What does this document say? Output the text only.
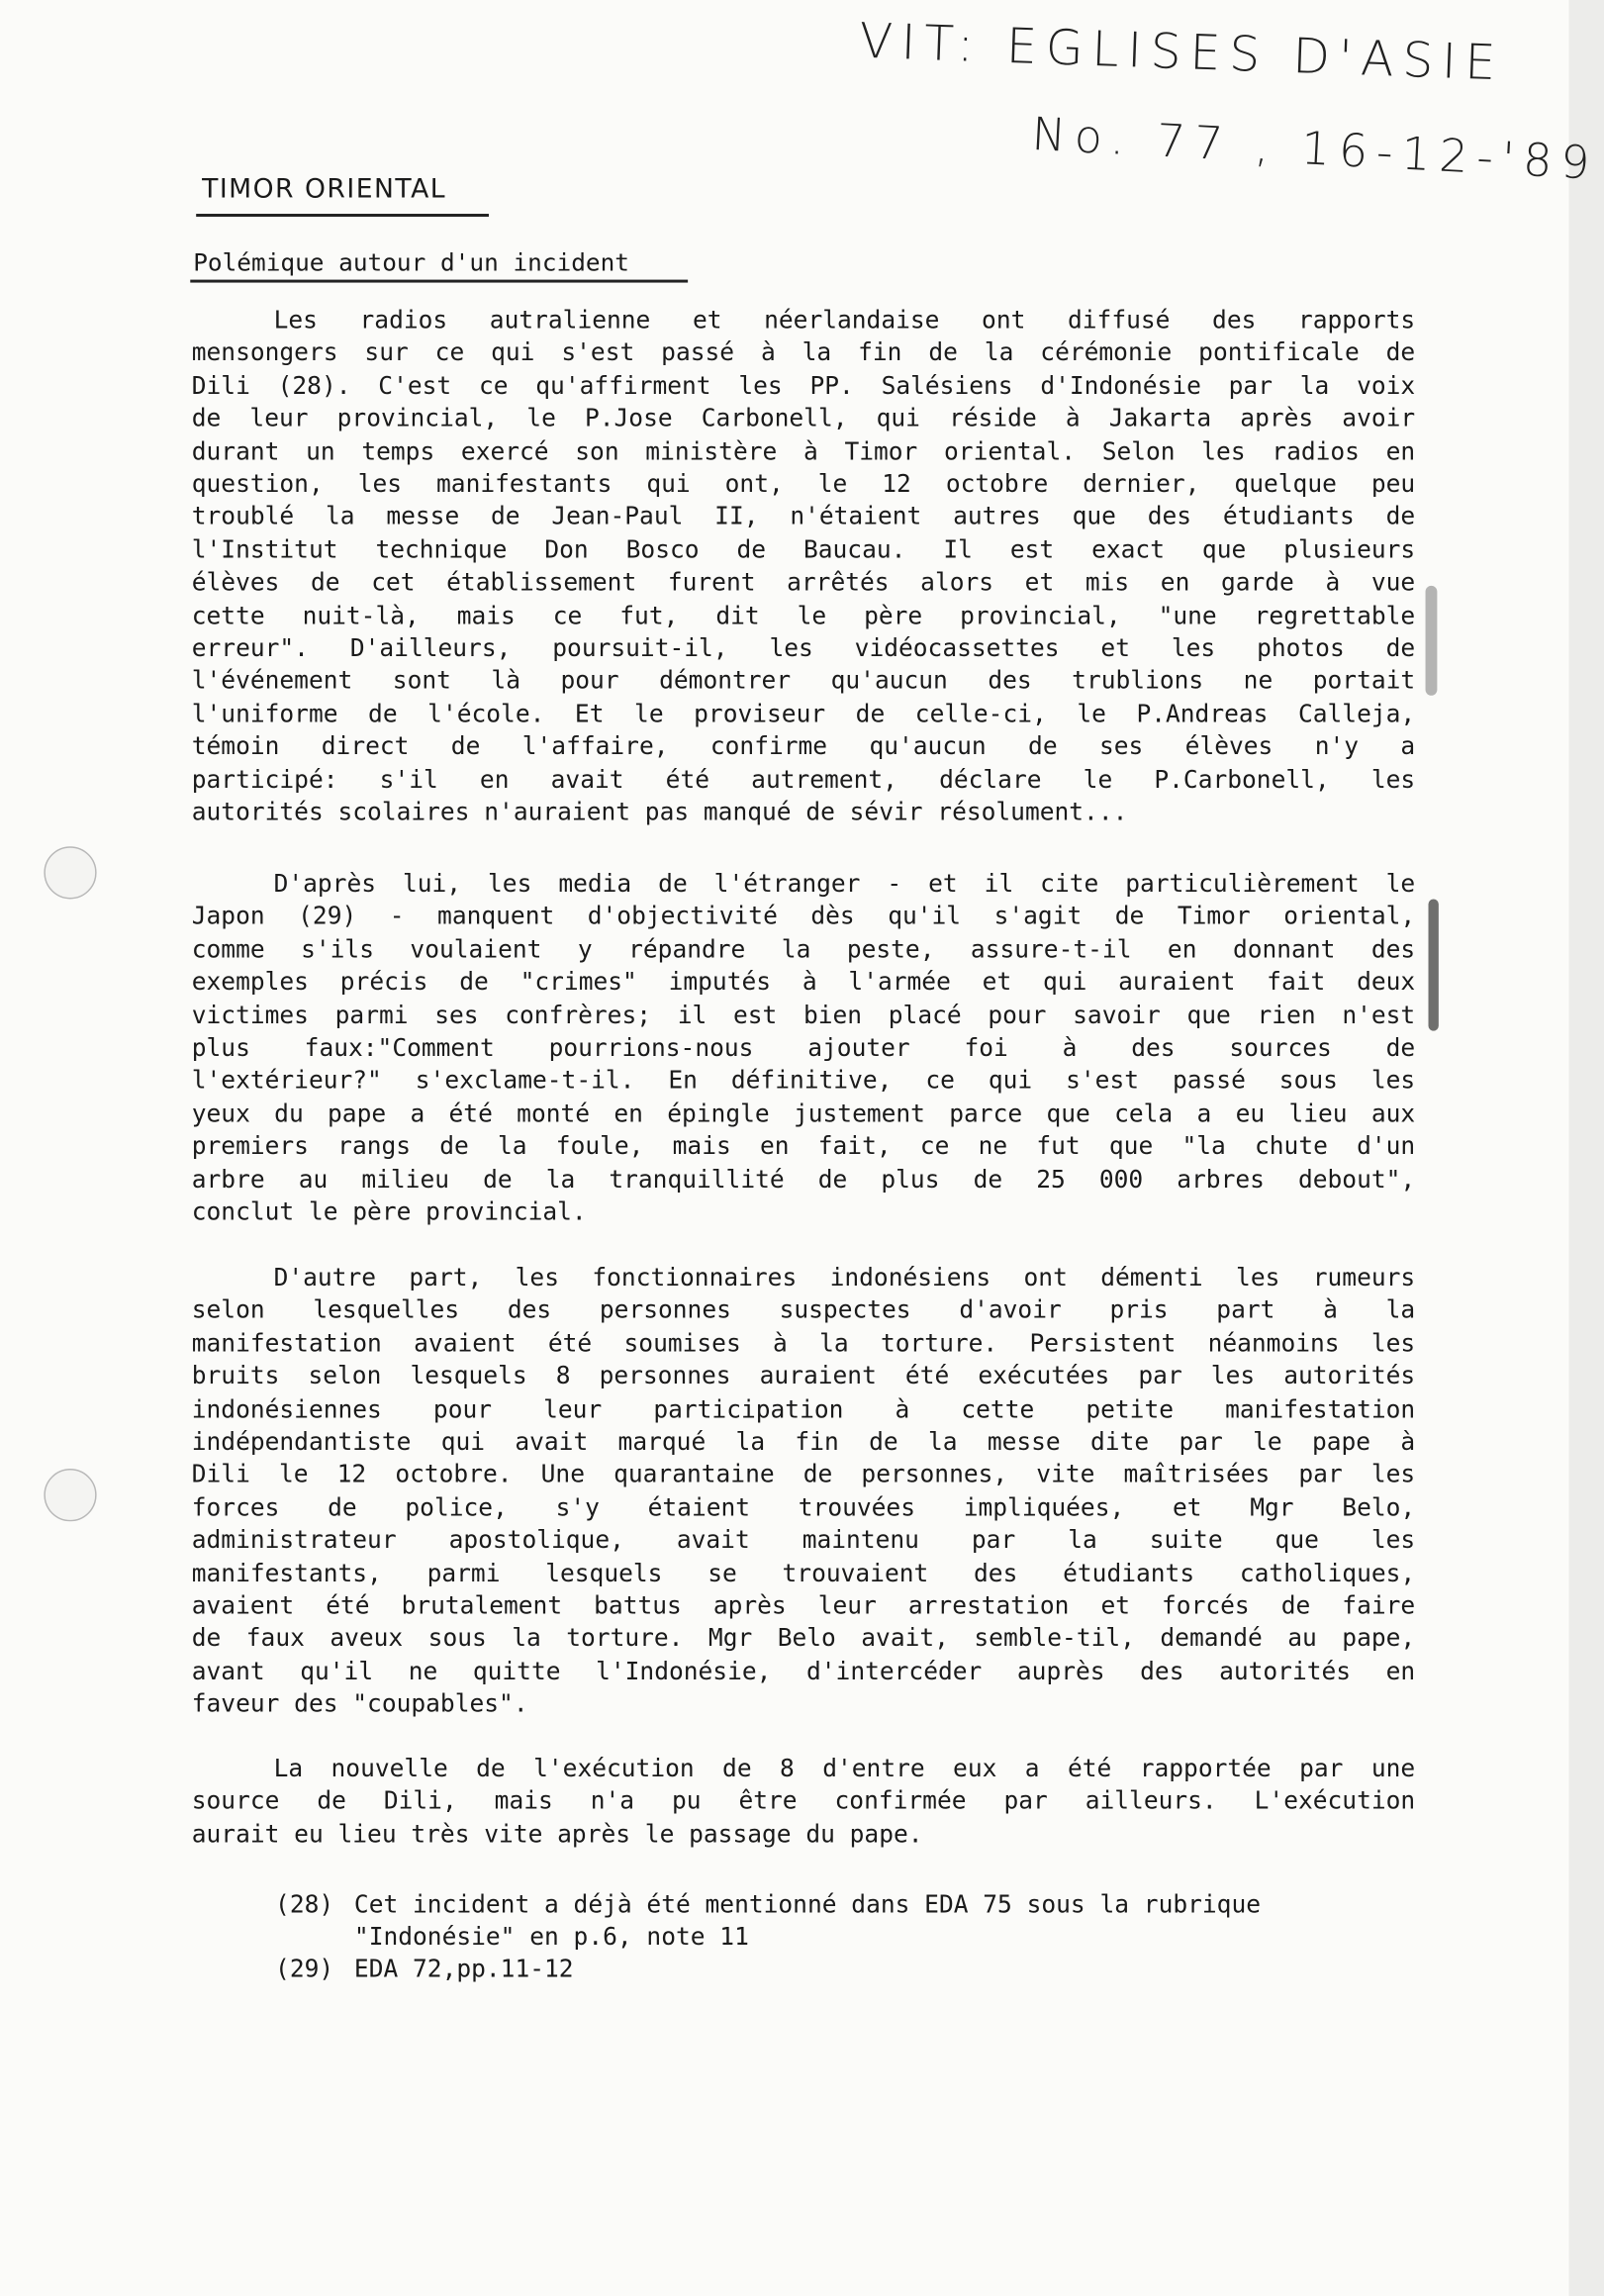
VIT: EGLISES D'ASIE
No. 77 , 16-12-'89
TIMOR ORIENTAL
Polémique autour d'un incident
Les radios autralienne et néerlandaise ont diffusé des rapports
mensongers sur ce qui s'est passé à la fin de la cérémonie pontificale de
Dili (28). C'est ce qu'affirment les PP. Salésiens d'Indonésie par la voix
de leur provincial, le P.Jose Carbonell, qui réside à Jakarta après avoir
durant un temps exercé son ministère à Timor oriental. Selon les radios en
question, les manifestants qui ont, le 12 octobre dernier, quelque peu
troublé la messe de Jean-Paul II, n'étaient autres que des étudiants de
l'Institut technique Don Bosco de Baucau. Il est exact que plusieurs
élèves de cet établissement furent arrêtés alors et mis en garde à vue
cette nuit-là, mais ce fut, dit le père provincial, "une regrettable
erreur". D'ailleurs, poursuit-il, les vidéocassettes et les photos de
l'événement sont là pour démontrer qu'aucun des trublions ne portait
l'uniforme de l'école. Et le proviseur de celle-ci, le P.Andreas Calleja,
témoin direct de l'affaire, confirme qu'aucun de ses élèves n'y a
participé: s'il en avait été autrement, déclare le P.Carbonell, les
autorités scolaires n'auraient pas manqué de sévir résolument...
D'après lui, les media de l'étranger - et il cite particulièrement le
Japon (29) - manquent d'objectivité dès qu'il s'agit de Timor oriental,
comme s'ils voulaient y répandre la peste, assure-t-il en donnant des
exemples précis de "crimes" imputés à l'armée et qui auraient fait deux
victimes parmi ses confrères; il est bien placé pour savoir que rien n'est
plus faux:"Comment pourrions-nous ajouter foi à des sources de
l'extérieur?" s'exclame-t-il. En définitive, ce qui s'est passé sous les
yeux du pape a été monté en épingle justement parce que cela a eu lieu aux
premiers rangs de la foule, mais en fait, ce ne fut que "la chute d'un
arbre au milieu de la tranquillité de plus de 25 000 arbres debout",
conclut le père provincial.
D'autre part, les fonctionnaires indonésiens ont démenti les rumeurs
selon lesquelles des personnes suspectes d'avoir pris part à la
manifestation avaient été soumises à la torture. Persistent néanmoins les
bruits selon lesquels 8 personnes auraient été exécutées par les autorités
indonésiennes pour leur participation à cette petite manifestation
indépendantiste qui avait marqué la fin de la messe dite par le pape à
Dili le 12 octobre. Une quarantaine de personnes, vite maîtrisées par les
forces de police, s'y étaient trouvées impliquées, et Mgr Belo,
administrateur apostolique, avait maintenu par la suite que les
manifestants, parmi lesquels se trouvaient des étudiants catholiques,
avaient été brutalement battus après leur arrestation et forcés de faire
de faux aveux sous la torture. Mgr Belo avait, semble-til, demandé au pape,
avant qu'il ne quitte l'Indonésie, d'intercéder auprès des autorités en
faveur des "coupables".
La nouvelle de l'exécution de 8 d'entre eux a été rapportée par une
source de Dili, mais n'a pu être confirmée par ailleurs. L'exécution
aurait eu lieu très vite après le passage du pape.
(28) Cet incident a déjà été mentionné dans EDA 75 sous la rubrique
"Indonésie" en p.6, note 11
(29) EDA 72,pp.11-12
